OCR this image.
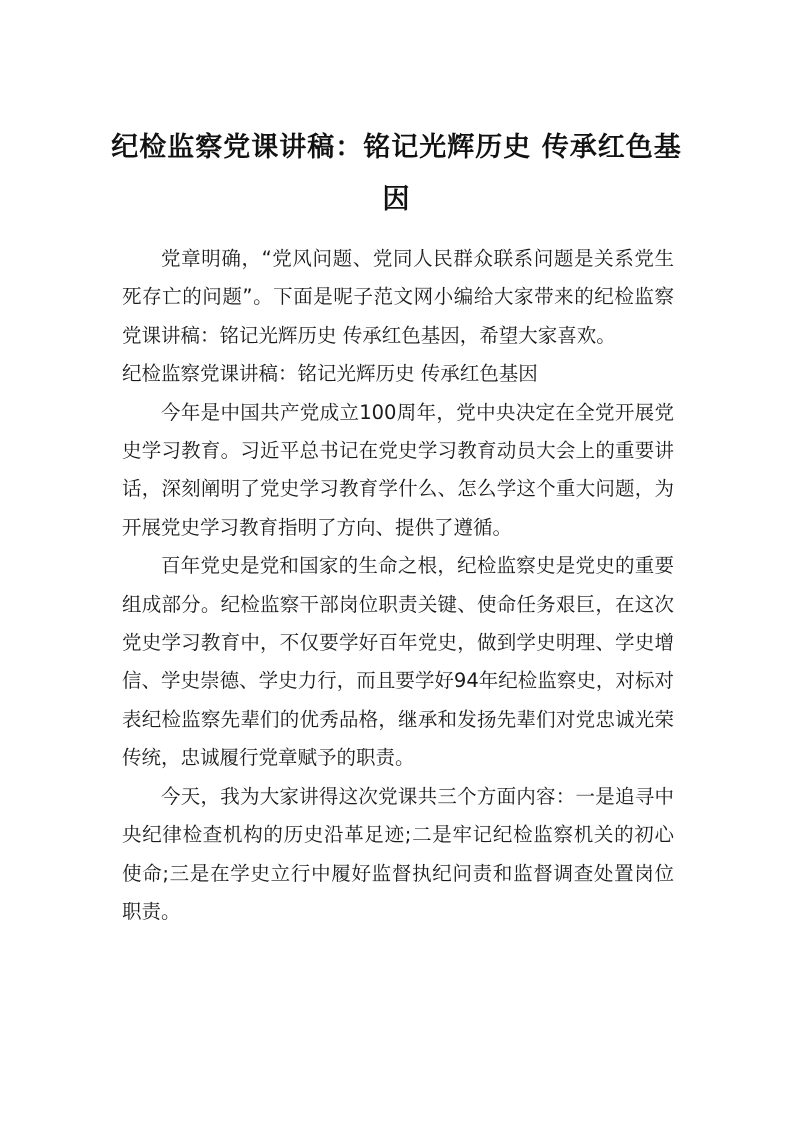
纪检监察党课讲稿：铭记光辉历史 传承红色基因

党章明确，“党风问题、党同人民群众联系问题是关系党生死存亡的问题”。下面是呢子范文网小编给大家带来的纪检监察党课讲稿：铭记光辉历史 传承红色基因，希望大家喜欢。

纪检监察党课讲稿：铭记光辉历史 传承红色基因

今年是中国共产党成立100周年，党中央决定在全党开展党史学习教育。习近平总书记在党史学习教育动员大会上的重要讲话，深刻阐明了党史学习教育学什么、怎么学这个重大问题，为开展党史学习教育指明了方向、提供了遵循。

百年党史是党和国家的生命之根，纪检监察史是党史的重要组成部分。纪检监察干部岗位职责关键、使命任务艰巨，在这次党史学习教育中，不仅要学好百年党史，做到学史明理、学史增信、学史崇德、学史力行，而且要学好94年纪检监察史，对标对表纪检监察先辈们的优秀品格，继承和发扬先辈们对党忠诚光荣传统，忠诚履行党章赋予的职责。

今天，我为大家讲得这次党课共三个方面内容：一是追寻中央纪律检查机构的历史沿革足迹;二是牢记纪检监察机关的初心使命;三是在学史立行中履好监督执纪问责和监督调查处置岗位职责。
